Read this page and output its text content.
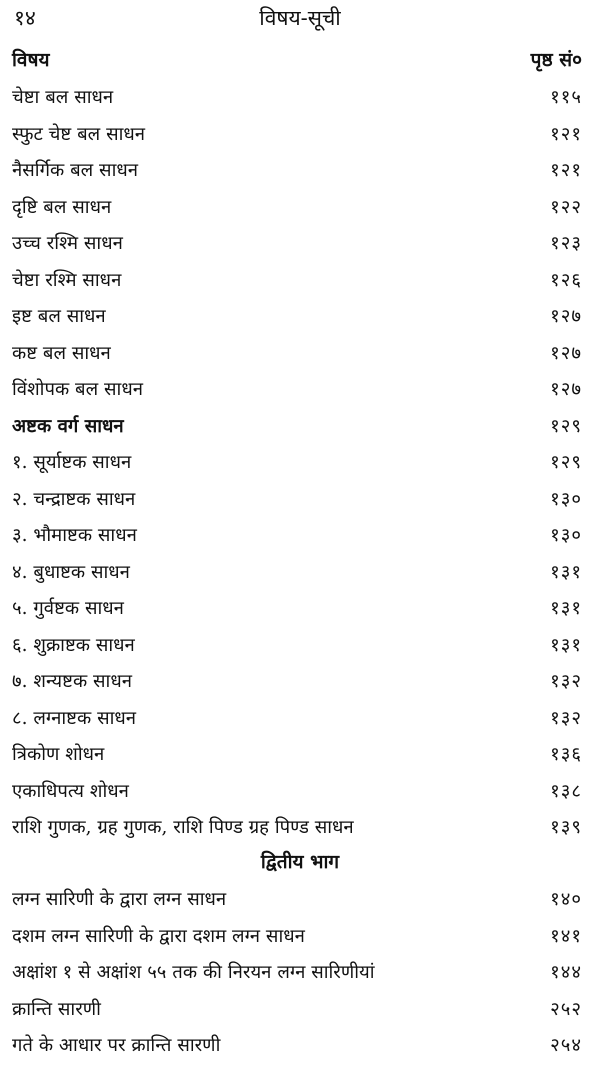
१४	विषय-सूची
विषय	पृष्ठ सं०
चेष्टा बल साधन	११५
स्फुट चेष्ट बल साधन	१२१
नैसर्गिक बल साधन	१२१
दृष्टि बल साधन	१२२
उच्च रश्मि साधन	१२३
चेष्टा रश्मि साधन	१२६
इष्ट बल साधन	१२७
कष्ट बल साधन	१२७
विंशोपक बल साधन	१२७
अष्टक वर्ग साधन	१२९
१. सूर्याष्टक साधन	१२९
२. चन्द्राष्टक साधन	१३०
३. भौमाष्टक साधन	१३०
४. बुधाष्टक साधन	१३१
५. गुर्वष्टक साधन	१३१
६. शुक्राष्टक साधन	१३१
७. शन्यष्टक साधन	१३२
८. लग्नाष्टक साधन	१३२
त्रिकोण शोधन	१३६
एकाधिपत्य शोधन	१३८
राशि गुणक, ग्रह गुणक, राशि पिण्ड ग्रह पिण्ड साधन	१३९
द्वितीय भाग
लग्न सारिणी के द्वारा लग्न साधन	१४०
दशम लग्न सारिणी के द्वारा दशम लग्न साधन	१४१
अक्षांश १ से अक्षांश ५५ तक की निरयन लग्न सारिणीयां	१४४
क्रान्ति सारणी	२५२
गते के आधार पर क्रान्ति सारणी	२५४
